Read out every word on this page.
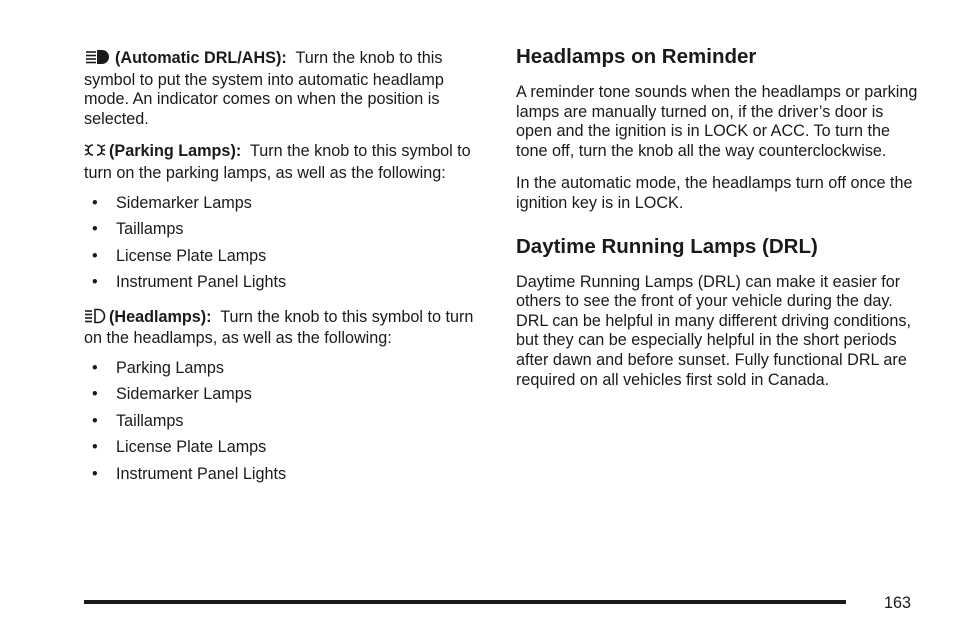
(Automatic DRL/AHS): Turn the knob to this symbol to put the system into automatic headlamp mode. An indicator comes on when the position is selected.

(Parking Lamps): Turn the knob to this symbol to turn on the parking lamps, as well as the following:

• Sidemarker Lamps
• Taillamps
• License Plate Lamps
• Instrument Panel Lights

(Headlamps): Turn the knob to this symbol to turn on the headlamps, as well as the following:

• Parking Lamps
• Sidemarker Lamps
• Taillamps
• License Plate Lamps
• Instrument Panel Lights
Headlamps on Reminder

A reminder tone sounds when the headlamps or parking lamps are manually turned on, if the driver’s door is open and the ignition is in LOCK or ACC. To turn the tone off, turn the knob all the way counterclockwise.

In the automatic mode, the headlamps turn off once the ignition key is in LOCK.

Daytime Running Lamps (DRL)

Daytime Running Lamps (DRL) can make it easier for others to see the front of your vehicle during the day. DRL can be helpful in many different driving conditions, but they can be especially helpful in the short periods after dawn and before sunset. Fully functional DRL are required on all vehicles first sold in Canada.

163
